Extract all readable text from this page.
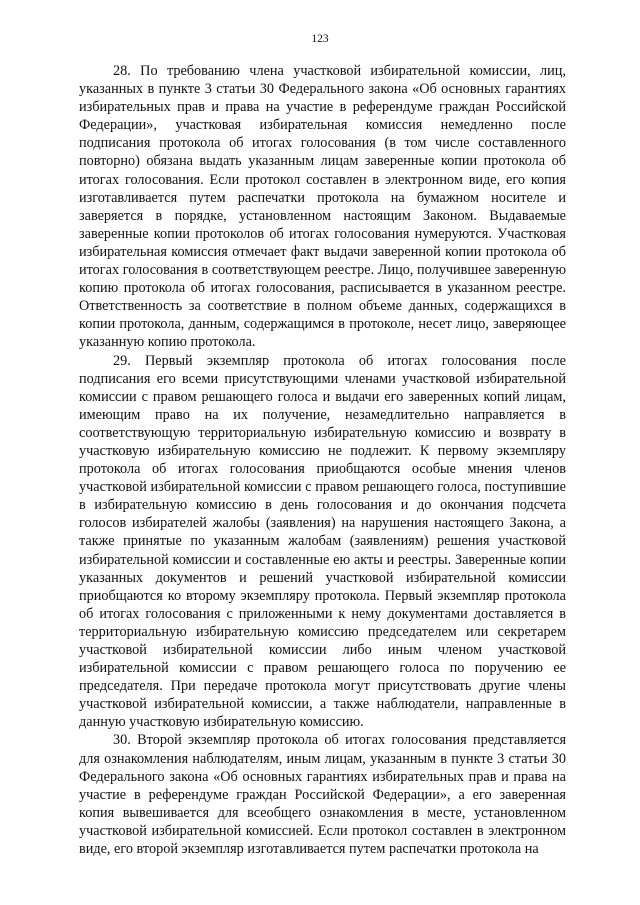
123

28. По требованию члена участковой избирательной комиссии, лиц, указанных в пункте 3 статьи 30 Федерального закона «Об основных гарантиях избирательных прав и права на участие в референдуме граждан Российской Федерации», участковая избирательная комиссия немедленно после подписания протокола об итогах голосования (в том числе составленного повторно) обязана выдать указанным лицам заверенные копии протокола об итогах голосования. Если протокол составлен в электронном виде, его копия изготавливается путем распечатки протокола на бумажном носителе и заверяется в порядке, установленном настоящим Законом. Выдаваемые заверенные копии протоколов об итогах голосования нумеруются. Участковая избирательная комиссия отмечает факт выдачи заверенной копии протокола об итогах голосования в соответствующем реестре. Лицо, получившее заверенную копию протокола об итогах голосования, расписывается в указанном реестре. Ответственность за соответствие в полном объеме данных, содержащихся в копии протокола, данным, содержащимся в протоколе, несет лицо, заверяющее указанную копию протокола.

29. Первый экземпляр протокола об итогах голосования после подписания его всеми присутствующими членами участковой избирательной комиссии с правом решающего голоса и выдачи его заверенных копий лицам, имеющим право на их получение, незамедлительно направляется в соответствующую территориальную избирательную комиссию и возврату в участковую избирательную комиссию не подлежит. К первому экземпляру протокола об итогах голосования приобщаются особые мнения членов участковой избирательной комиссии с правом решающего голоса, поступившие в избирательную комиссию в день голосования и до окончания подсчета голосов избирателей жалобы (заявления) на нарушения настоящего Закона, а также принятые по указанным жалобам (заявлениям) решения участковой избирательной комиссии и составленные ею акты и реестры. Заверенные копии указанных документов и решений участковой избирательной комиссии приобщаются ко второму экземпляру протокола. Первый экземпляр протокола об итогах голосования с приложенными к нему документами доставляется в территориальную избирательную комиссию председателем или секретарем участковой избирательной комиссии либо иным членом участковой избирательной комиссии с правом решающего голоса по поручению ее председателя. При передаче протокола могут присутствовать другие члены участковой избирательной комиссии, а также наблюдатели, направленные в данную участковую избирательную комиссию.

30. Второй экземпляр протокола об итогах голосования представляется для ознакомления наблюдателям, иным лицам, указанным в пункте 3 статьи 30 Федерального закона «Об основных гарантиях избирательных прав и права на участие в референдуме граждан Российской Федерации», а его заверенная копия вывешивается для всеобщего ознакомления в месте, установленном участковой избирательной комиссией. Если протокол составлен в электронном виде, его второй экземпляр изготавливается путем распечатки протокола на
